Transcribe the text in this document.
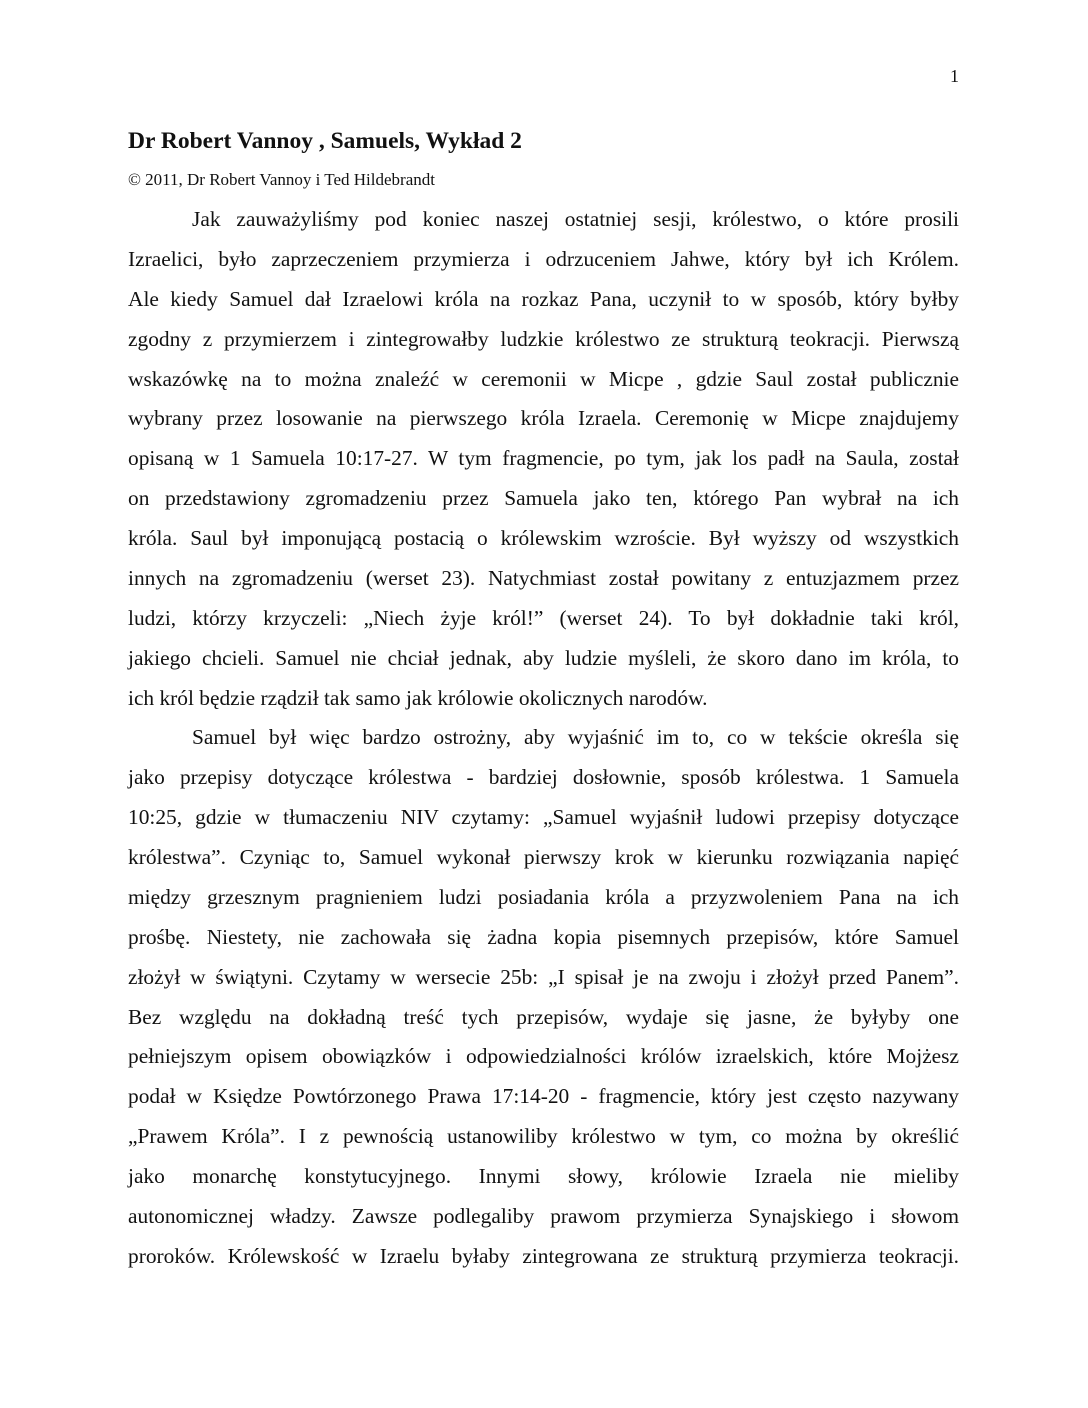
1
Dr Robert Vannoy , Samuels, Wykład 2
© 2011, Dr Robert Vannoy i Ted Hildebrandt
Jak zauważyliśmy pod koniec naszej ostatniej sesji, królestwo, o które prosili
Izraelici, było zaprzeczeniem przymierza i odrzuceniem Jahwe, który był ich Królem.
Ale kiedy Samuel dał Izraelowi króla na rozkaz Pana, uczynił to w sposób, który byłby
zgodny z przymierzem i zintegrowałby ludzkie królestwo ze strukturą teokracji. Pierwszą
wskazówkę na to można znaleźć w ceremonii w Micpe , gdzie Saul został publicznie
wybrany przez losowanie na pierwszego króla Izraela. Ceremonię w Micpe znajdujemy
opisaną w 1 Samuela 10:17-27. W tym fragmencie, po tym, jak los padł na Saula, został
on przedstawiony zgromadzeniu przez Samuela jako ten, którego Pan wybrał na ich
króla. Saul był imponującą postacią o królewskim wzroście. Był wyższy od wszystkich
innych na zgromadzeniu (werset 23). Natychmiast został powitany z entuzjazmem przez
ludzi, którzy krzyczeli: „Niech żyje król!” (werset 24). To był dokładnie taki król,
jakiego chcieli. Samuel nie chciał jednak, aby ludzie myśleli, że skoro dano im króla, to
ich król będzie rządził tak samo jak królowie okolicznych narodów.
Samuel był więc bardzo ostrożny, aby wyjaśnić im to, co w tekście określa się
jako przepisy dotyczące królestwa - bardziej dosłownie, sposób królestwa. 1 Samuela
10:25, gdzie w tłumaczeniu NIV czytamy: „Samuel wyjaśnił ludowi przepisy dotyczące
królestwa”. Czyniąc to, Samuel wykonał pierwszy krok w kierunku rozwiązania napięć
między grzesznym pragnieniem ludzi posiadania króla a przyzwoleniem Pana na ich
prośbę. Niestety, nie zachowała się żadna kopia pisemnych przepisów, które Samuel
złożył w świątyni. Czytamy w wersecie 25b: „I spisał je na zwoju i złożył przed Panem”.
Bez względu na dokładną treść tych przepisów, wydaje się jasne, że byłyby one
pełniejszym opisem obowiązków i odpowiedzialności królów izraelskich, które Mojżesz
podał w Księdze Powtórzonego Prawa 17:14-20 - fragmencie, który jest często nazywany
„Prawem Króla”. I z pewnością ustanowiliby królestwo w tym, co można by określić
jako monarchę konstytucyjnego. Innymi słowy, królowie Izraela nie mieliby
autonomicznej władzy. Zawsze podlegaliby prawom przymierza Synajskiego i słowom
proroków. Królewskość w Izraelu byłaby zintegrowana ze strukturą przymierza teokracji.
